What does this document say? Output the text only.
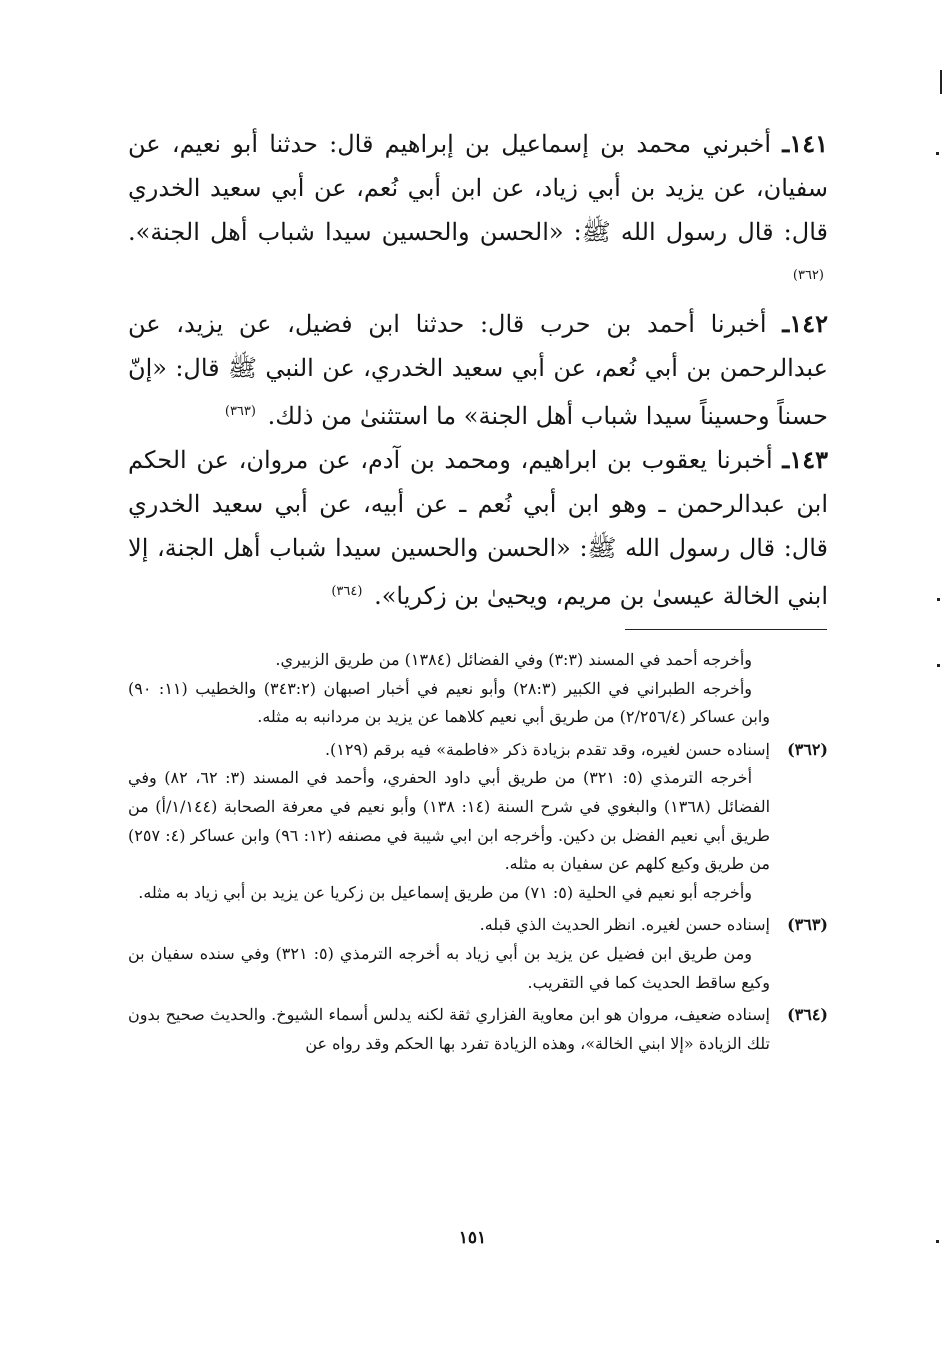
١٤١ـ أخبرني محمد بن إسماعيل بن إبراهيم قال: حدثنا أبو نعيم، عن سفيان، عن يزيد بن أبي زياد، عن ابن أبي نُعم، عن أبي سعيد الخدري قال: قال رسول الله ﷺ: «الحسن والحسين سيدا شباب أهل الجنة». $^{(٣٦٢)}$

١٤٢ـ أخبرنا أحمد بن حرب قال: حدثنا ابن فضيل، عن يزيد، عن عبدالرحمن بن أبي نُعم، عن أبي سعيد الخدري، عن النبي ﷺ قال: «إنّ حسناً وحسيناً سيدا شباب أهل الجنة» ما استثنىٰ من ذلك. $^{(٣٦٣)}$

١٤٣ـ أخبرنا يعقوب بن ابراهيم، ومحمد بن آدم، عن مروان، عن الحكم ابن عبدالرحمن ـ وهو ابن أبي نُعم ـ عن أبيه، عن أبي سعيد الخدري قال: قال رسول الله ﷺ: «الحسن والحسين سيدا شباب أهل الجنة، إلا ابني الخالة عيسىٰ بن مريم، ويحيىٰ بن زكريا». $^{(٣٦٤)}$

وأخرجه أحمد في المسند (٣:٣) وفي الفضائل (١٣٨٤) من طريق الزبيري.

وأخرجه الطبراني في الكبير (٢٨:٣) وأبو نعيم في أخبار اصبهان (٣٤٣:٢) والخطيب (١١: ٩٠) وابن عساكر (٢/٢٥٦/٤) من طريق أبي نعيم كلاهما عن يزيد بن مردانبه به مثله.

(٣٦٢)

إسناده حسن لغيره، وقد تقدم بزيادة ذكر «فاطمة» فيه برقم (١٢٩).

أخرجه الترمذي (٥: ٣٢١) من طريق أبي داود الحفري، وأحمد في المسند (٣: ٦٢، ٨٢) وفي الفضائل (١٣٦٨) والبغوي في شرح السنة (١٤: ١٣٨) وأبو نعيم في معرفة الصحابة (١/١٤٤/أ) من طريق أبي نعيم الفضل بن دكين. وأخرجه ابن ابي شيبة في مصنفه (١٢: ٩٦) وابن عساكر (٤: ٢٥٧) من طريق وكيع كلهم عن سفيان به مثله.

وأخرجه أبو نعيم في الحلية (٥: ٧١) من طريق إسماعيل بن زكريا عن يزيد بن أبي زياد به مثله.

(٣٦٣)

إسناده حسن لغيره. انظر الحديث الذي قبله.

ومن طريق ابن فضيل عن يزيد بن أبي زياد به أخرجه الترمذي (٥: ٣٢١) وفي سنده سفيان بن وكيع ساقط الحديث كما في التقريب.

(٣٦٤)

إسناده ضعيف، مروان هو ابن معاوية الفزاري ثقة لكنه يدلس أسماء الشيوخ. والحديث صحيح بدون تلك الزيادة «إلا ابني الخالة»، وهذه الزيادة تفرد بها الحكم وقد رواه عن

١٥١
